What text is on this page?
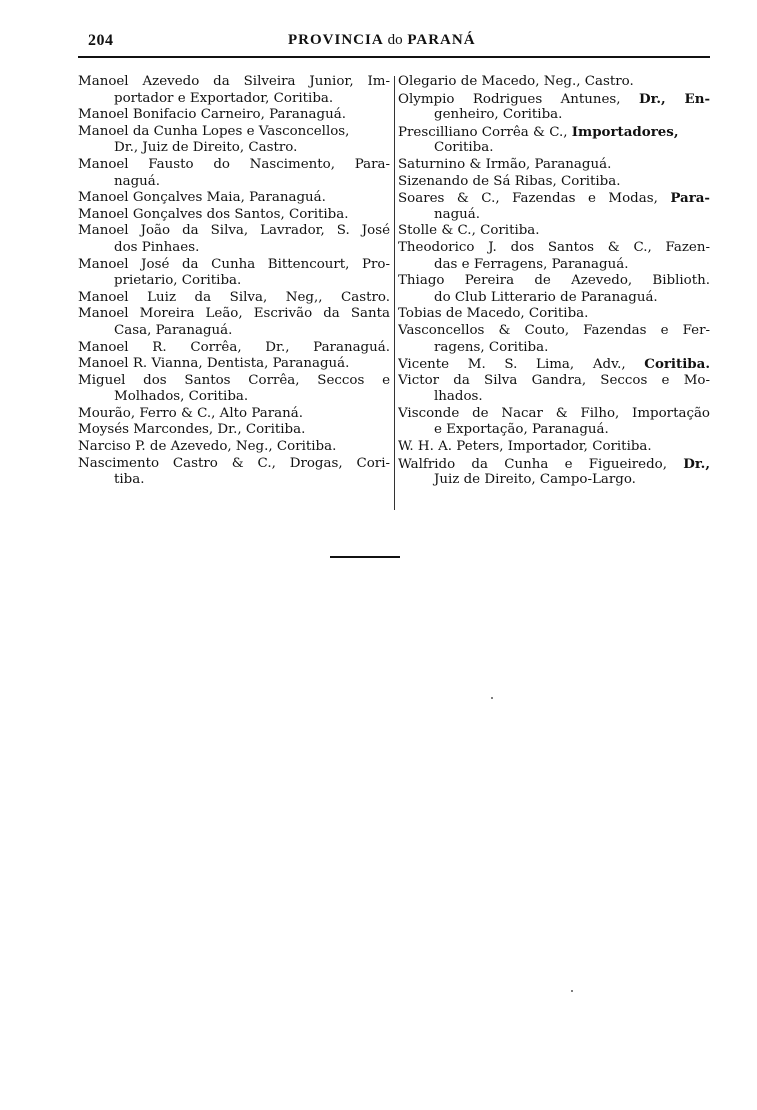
204	PROVINCIA do PARANÁ
Manoel Azevedo da Silveira Junior, Im-
portador e Exportador, Coritiba.
Manoel Bonifacio Carneiro, Paranaguá.
Manoel da Cunha Lopes e Vasconcellos,
Dr., Juiz de Direito, Castro.
Manoel Fausto do Nascimento, Para-
naguá.
Manoel Gonçalves Maia, Paranaguá.
Manoel Gonçalves dos Santos, Coritiba.
Manoel João da Silva, Lavrador, S. José
dos Pinhaes.
Manoel José da Cunha Bittencourt, Pro-
prietario, Coritiba.
Manoel Luiz da Silva, Neg,, Castro.
Manoel Moreira Leão, Escrivão da Santa
Casa, Paranaguá.
Manoel R. Corrêa, Dr., Paranaguá.
Manoel R. Vianna, Dentista, Paranaguá.
Miguel dos Santos Corrêa, Seccos e
Molhados, Coritiba.
Mourão, Ferro & C., Alto Paraná.
Moysés Marcondes, Dr., Coritiba.
Narciso P. de Azevedo, Neg., Coritiba.
Nascimento Castro & C., Drogas, Cori-
tiba.
Olegario de Macedo, Neg., Castro.
Olympio Rodrigues Antunes, Dr., En-
genheiro, Coritiba.
Prescilliano Corrêa & C., Importadores,
Coritiba.
Saturnino & Irmão, Paranaguá.
Sizenando de Sá Ribas, Coritiba.
Soares & C., Fazendas e Modas, Para-
naguá.
Stolle & C., Coritiba.
Theodorico J. dos Santos & C., Fazen-
das e Ferragens, Paranaguá.
Thiago Pereira de Azevedo, Biblioth.
do Club Litterario de Paranaguá.
Tobias de Macedo, Coritiba.
Vasconcellos & Couto, Fazendas e Fer-
ragens, Coritiba.
Vicente M. S. Lima, Adv., Coritiba.
Victor da Silva Gandra, Seccos e Mo-
lhados.
Visconde de Nacar & Filho, Importação
e Exportação, Paranaguá.
W. H. A. Peters, Importador, Coritiba.
Walfrido da Cunha e Figueiredo, Dr.,
Juiz de Direito, Campo-Largo.
